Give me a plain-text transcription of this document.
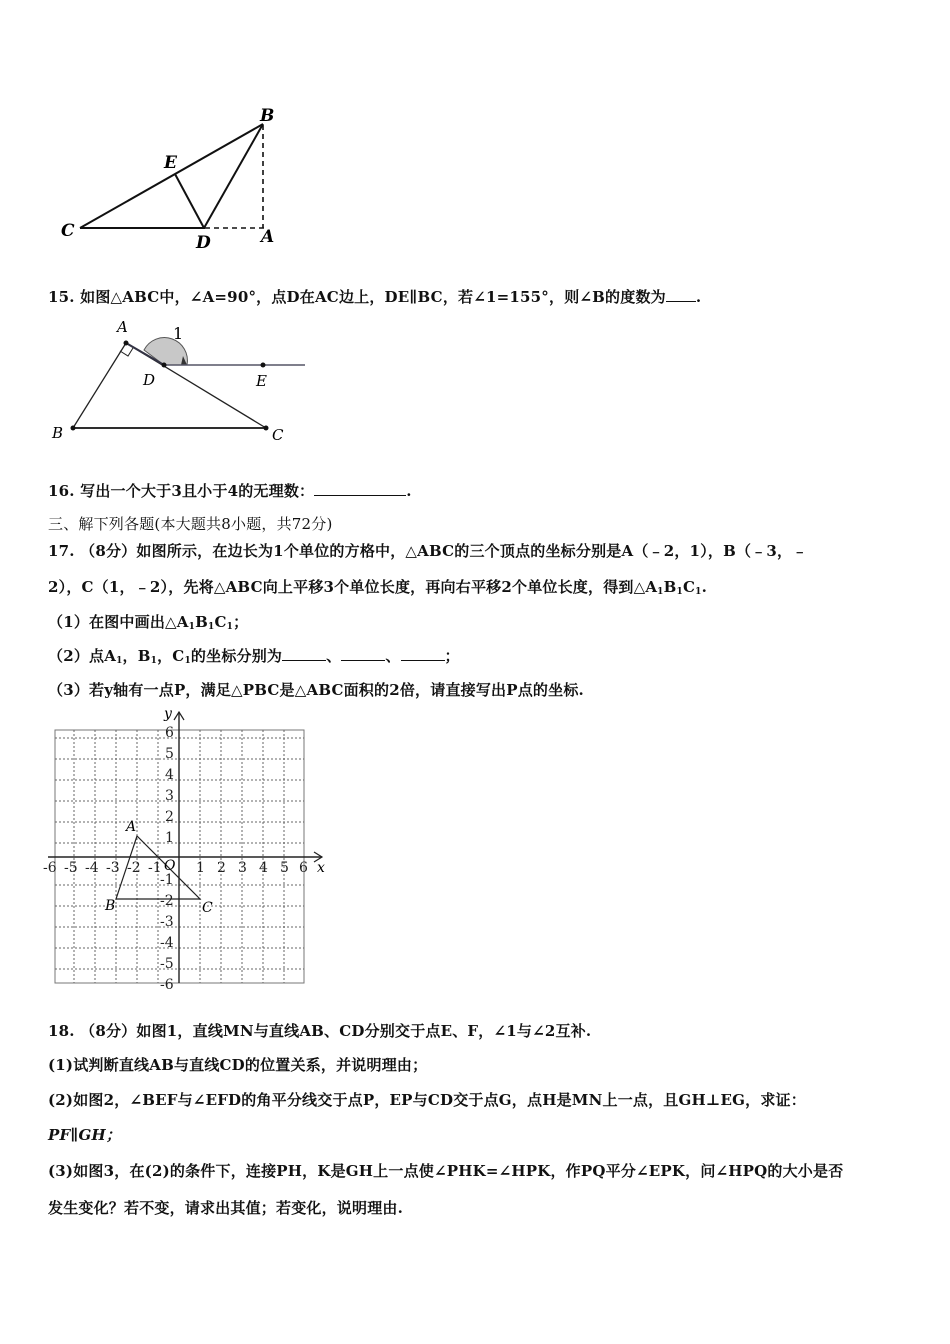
B
E
C
D	A
15. 如图△ABC中，∠A=90°，点D在AC边上，DE∥BC，若∠1=155°，则∠B的度数为 .
A	1
D	E
B	C
16. 写出一个大于3且小于4的无理数：	.
三、解下列各题(本大题共8小题，共72分)
17. （8分）如图所示，在边长为1个单位的方格中，△ABC的三个顶点的坐标分别是A（﹣2，1），B（﹣3，﹣
2），C（1，﹣2），先将△ABC向上平移3个单位长度，再向右平移2个单位长度，得到$\triangle A_1B_1C_1$.
（1）在图中画出$\triangle A_1B_1C_1$；
（2）点$A_1$，$B_1$，$C_1$的坐标分别为	、	、	；
（3）若y轴有一点P，满足△PBC是△ABC面积的2倍，请直接写出P点的坐标.
-6 -5 -4 -3 -2 -1 1 2 3 4 5 6
6
5
4
3
2
1
-1
-2
-3
-4
-5
-6
x
y
O
A
B	C
18. （8分）如图1，直线MN与直线AB、CD分别交于点E、F，∠1与∠2互补.
(1)试判断直线AB与直线CD的位置关系，并说明理由；
(2)如图2，∠BEF与∠EFD的角平分线交于点P，EP与CD交于点G，点H是MN上一点，且GH⊥EG，求证：
PF∥GH；
(3)如图3，在(2)的条件下，连接PH，K是GH上一点使∠PHK=∠HPK，作PQ平分∠EPK，问∠HPQ的大小是否
发生变化？若不变，请求出其值；若变化，说明理由.
